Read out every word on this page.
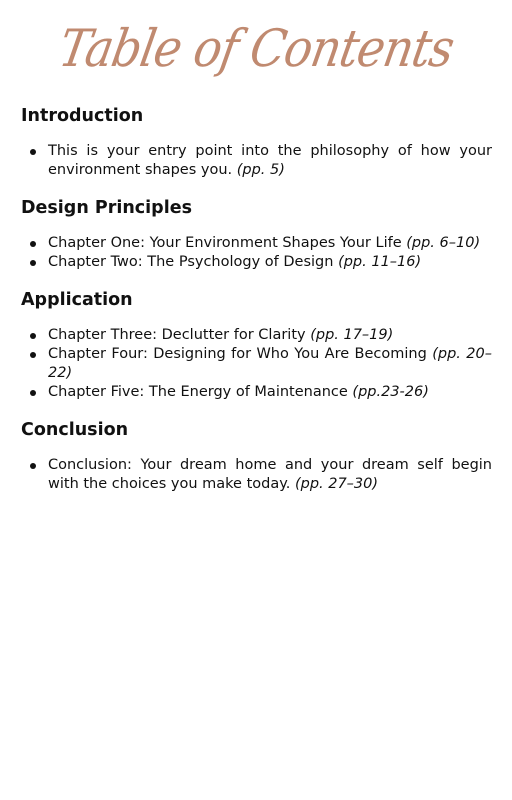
Table of Contents
Introduction
This is your entry point into the philosophy of how your environment shapes you. (pp. 5)
Design Principles
Chapter One: Your Environment Shapes Your Life (pp. 6–10)
Chapter Two: The Psychology of Design (pp. 11–16)
Application
Chapter Three: Declutter for Clarity (pp. 17–19)
Chapter Four: Designing for Who You Are Becoming (pp. 20–22)
Chapter Five: The Energy of Maintenance (pp.23-26)
Conclusion
Conclusion: Your dream home and your dream self begin with the choices you make today. (pp. 27–30)
